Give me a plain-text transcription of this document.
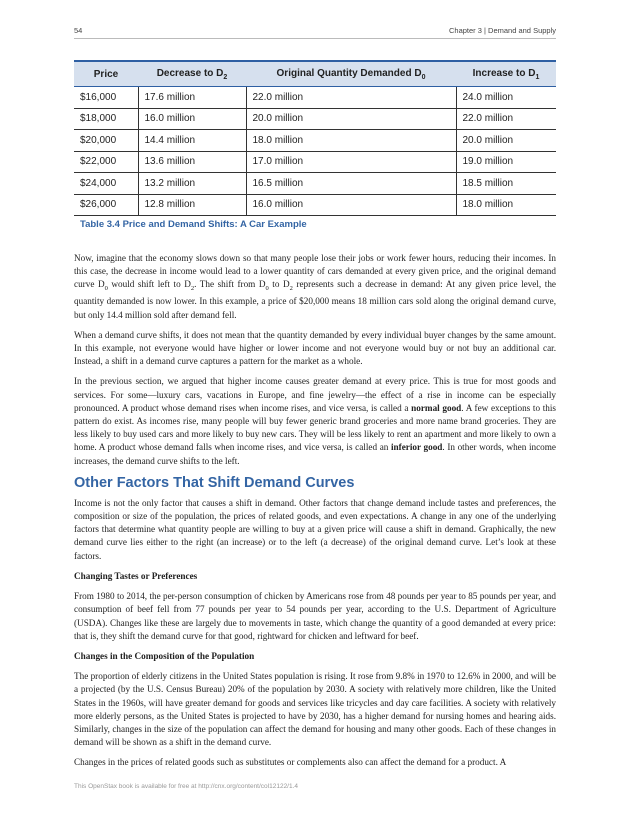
54	Chapter 3 | Demand and Supply
Price	Decrease to $D_2$	Original Quantity Demanded $D_0$	Increase to $D_1$
$16,000	17.6 million	22.0 million	24.0 million
$18,000	16.0 million	20.0 million	22.0 million
$20,000	14.4 million	18.0 million	20.0 million
$22,000	13.6 million	17.0 million	19.0 million
$24,000	13.2 million	16.5 million	18.5 million
$26,000	12.8 million	16.0 million	18.0 million
Table 3.4 Price and Demand Shifts: A Car Example

Now, imagine that the economy slows down so that many people lose their jobs or work fewer hours, reducing their incomes. In this case, the decrease in income would lead to a lower quantity of cars demanded at every given price, and the original demand curve $D_0$ would shift left to $D_2$. The shift from $D_0$ to $D_2$ represents such a decrease in demand: At any given price level, the quantity demanded is now lower. In this example, a price of $20,000 means 18 million cars sold along the original demand curve, but only 14.4 million sold after demand fell.

When a demand curve shifts, it does not mean that the quantity demanded by every individual buyer changes by the same amount. In this example, not everyone would have higher or lower income and not everyone would buy or not buy an additional car. Instead, a shift in a demand curve captures a pattern for the market as a whole.

In the previous section, we argued that higher income causes greater demand at every price. This is true for most goods and services. For some—luxury cars, vacations in Europe, and fine jewelry—the effect of a rise in income can be especially pronounced. A product whose demand rises when income rises, and vice versa, is called a normal good. A few exceptions to this pattern do exist. As incomes rise, many people will buy fewer generic brand groceries and more name brand groceries. They are less likely to buy used cars and more likely to buy new cars. They will be less likely to rent an apartment and more likely to own a home. A product whose demand falls when income rises, and vice versa, is called an inferior good. In other words, when income increases, the demand curve shifts to the left.

Other Factors That Shift Demand Curves

Income is not the only factor that causes a shift in demand. Other factors that change demand include tastes and preferences, the composition or size of the population, the prices of related goods, and even expectations. A change in any one of the underlying factors that determine what quantity people are willing to buy at a given price will cause a shift in demand. Graphically, the new demand curve lies either to the right (an increase) or to the left (a decrease) of the original demand curve. Let’s look at these factors.

Changing Tastes or Preferences

From 1980 to 2014, the per-person consumption of chicken by Americans rose from 48 pounds per year to 85 pounds per year, and consumption of beef fell from 77 pounds per year to 54 pounds per year, according to the U.S. Department of Agriculture (USDA). Changes like these are largely due to movements in taste, which change the quantity of a good demanded at every price: that is, they shift the demand curve for that good, rightward for chicken and leftward for beef.

Changes in the Composition of the Population

The proportion of elderly citizens in the United States population is rising. It rose from 9.8% in 1970 to 12.6% in 2000, and will be a projected (by the U.S. Census Bureau) 20% of the population by 2030. A society with relatively more children, like the United States in the 1960s, will have greater demand for goods and services like tricycles and day care facilities. A society with relatively more elderly persons, as the United States is projected to have by 2030, has a higher demand for nursing homes and hearing aids. Similarly, changes in the size of the population can affect the demand for housing and many other goods. Each of these changes in demand will be shown as a shift in the demand curve.

Changes in the prices of related goods such as substitutes or complements also can affect the demand for a product. A

This OpenStax book is available for free at http://cnx.org/content/col12122/1.4
